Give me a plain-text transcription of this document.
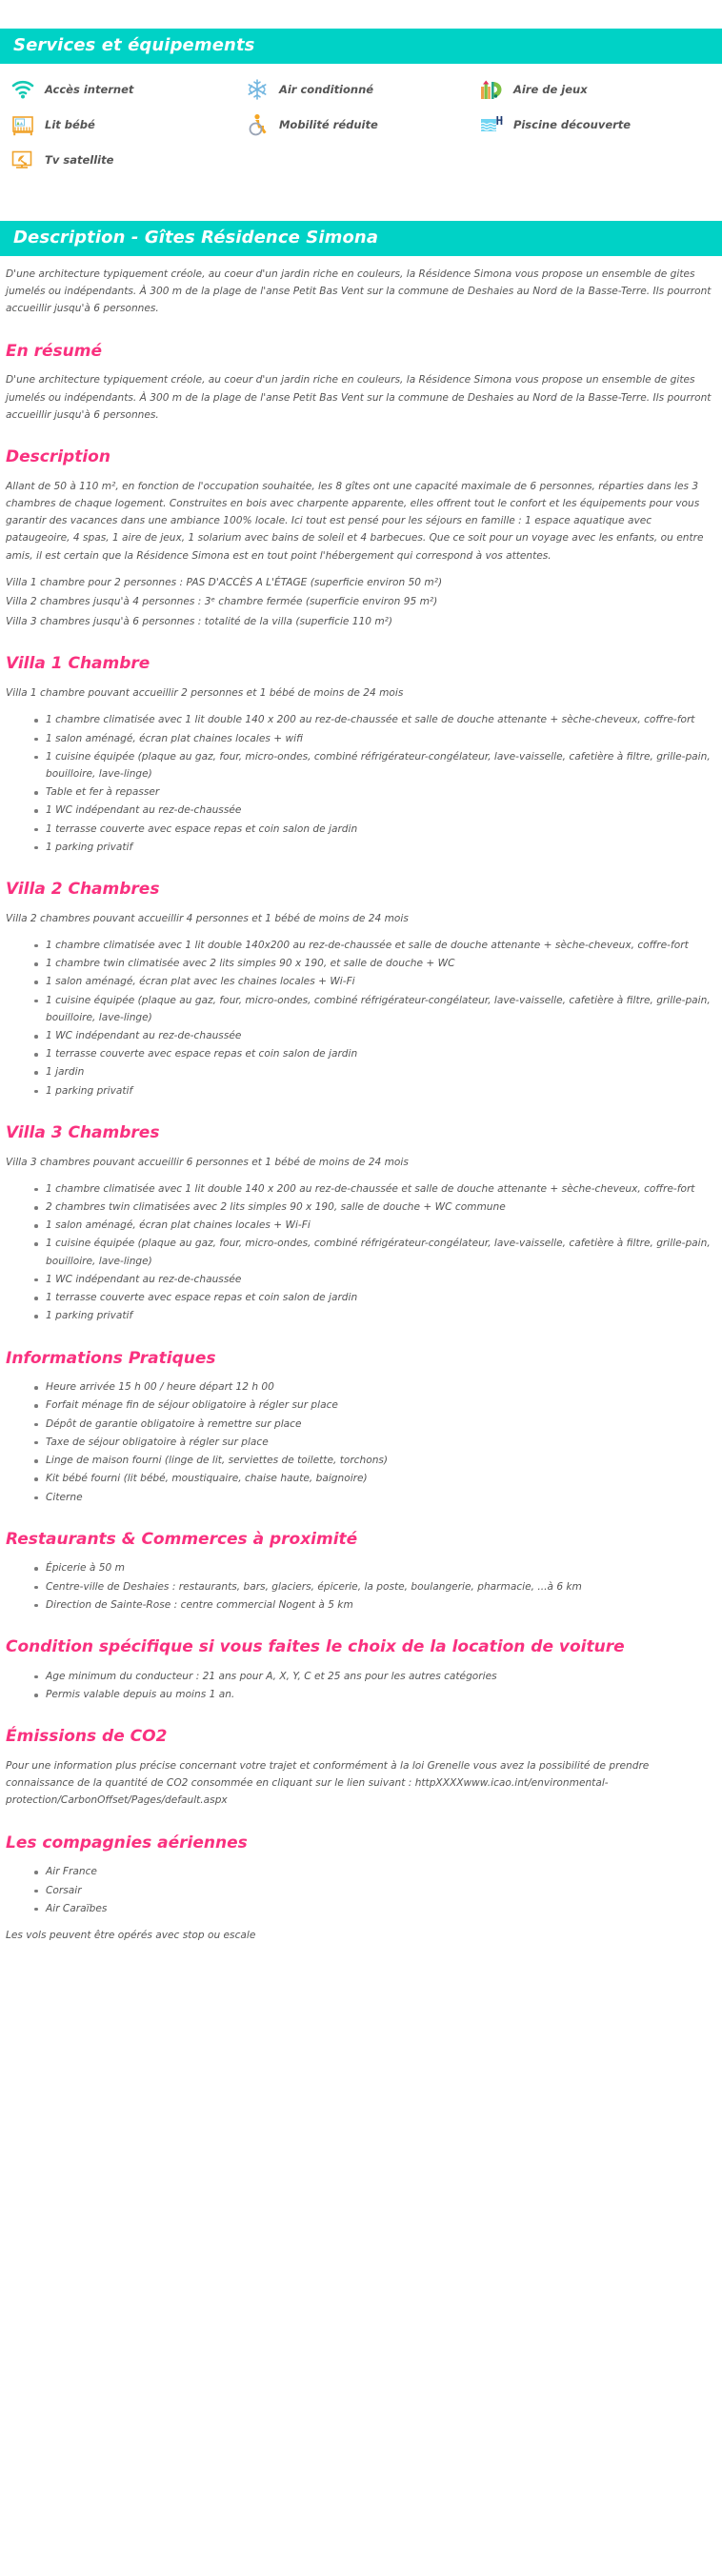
Services et équipements
Accès internet	Air conditionné	Aire de jeux
Lit bébé	Mobilité réduite	Piscine découverte
Tv satellite
Description - Gîtes Résidence Simona

D'une architecture typiquement créole, au coeur d'un jardin riche en couleurs, la Résidence Simona vous propose un ensemble de gites jumelés ou indépendants. À 300 m de la plage de l'anse Petit Bas Vent sur la commune de Deshaies au Nord de la Basse-Terre. Ils pourront accueillir jusqu'à 6 personnes.

En résumé

D'une architecture typiquement créole, au coeur d'un jardin riche en couleurs, la Résidence Simona vous propose un ensemble de gites jumelés ou indépendants. À 300 m de la plage de l'anse Petit Bas Vent sur la commune de Deshaies au Nord de la Basse-Terre. Ils pourront accueillir jusqu'à 6 personnes.

Description

Allant de 50 à 110 m², en fonction de l'occupation souhaitée, les 8 gîtes ont une capacité maximale de 6 personnes, réparties dans les 3 chambres de chaque logement. Construites en bois avec charpente apparente, elles offrent tout le confort et les équipements pour vous garantir des vacances dans une ambiance 100% locale. Ici tout est pensé pour les séjours en famille : 1 espace aquatique avec pataugeoire, 4 spas, 1 aire de jeux, 1 solarium avec bains de soleil et 4 barbecues. Que ce soit pour un voyage avec les enfants, ou entre amis, il est certain que la Résidence Simona est en tout point l'hébergement qui correspond à vos attentes.

Villa 1 chambre pour 2 personnes : PAS D'ACCÈS A L'ÉTAGE (superficie environ 50 m²)

Villa 2 chambres jusqu'à 4 personnes : 3ᵉ chambre fermée (superficie environ 95 m²)

Villa 3 chambres jusqu'à 6 personnes : totalité de la villa (superficie 110 m²)

Villa 1 Chambre

Villa 1 chambre pouvant accueillir 2 personnes et 1 bébé de moins de 24 mois

1 chambre climatisée avec 1 lit double 140 x 200 au rez-de-chaussée et salle de douche attenante + sèche-cheveux, coffre-fort
1 salon aménagé, écran plat chaines locales + wifi
1 cuisine équipée (plaque au gaz, four, micro-ondes, combiné réfrigérateur-congélateur, lave-vaisselle, cafetière à filtre, grille-pain, bouilloire, lave-linge)
Table et fer à repasser
1 WC indépendant au rez-de-chaussée
1 terrasse couverte avec espace repas et coin salon de jardin
1 parking privatif
Villa 2 Chambres

Villa 2 chambres pouvant accueillir 4 personnes et 1 bébé de moins de 24 mois

1 chambre climatisée avec 1 lit double 140x200 au rez-de-chaussée et salle de douche attenante + sèche-cheveux, coffre-fort
1 chambre twin climatisée avec 2 lits simples 90 x 190, et salle de douche + WC
1 salon aménagé, écran plat avec les chaines locales + Wi-Fi
1 cuisine équipée (plaque au gaz, four, micro-ondes, combiné réfrigérateur-congélateur, lave-vaisselle, cafetière à filtre, grille-pain, bouilloire, lave-linge)
1 WC indépendant au rez-de-chaussée
1 terrasse couverte avec espace repas et coin salon de jardin
1 jardin
1 parking privatif
Villa 3 Chambres

Villa 3 chambres pouvant accueillir 6 personnes et 1 bébé de moins de 24 mois

1 chambre climatisée avec 1 lit double 140 x 200 au rez-de-chaussée et salle de douche attenante + sèche-cheveux, coffre-fort
2 chambres twin climatisées avec 2 lits simples 90 x 190, salle de douche + WC commune
1 salon aménagé, écran plat chaines locales + Wi-Fi
1 cuisine équipée (plaque au gaz, four, micro-ondes, combiné réfrigérateur-congélateur, lave-vaisselle, cafetière à filtre, grille-pain, bouilloire, lave-linge)
1 WC indépendant au rez-de-chaussée
1 terrasse couverte avec espace repas et coin salon de jardin
1 parking privatif
Informations Pratiques
Heure arrivée 15 h 00 / heure départ 12 h 00
Forfait ménage fin de séjour obligatoire à régler sur place
Dépôt de garantie obligatoire à remettre sur place
Taxe de séjour obligatoire à régler sur place
Linge de maison fourni (linge de lit, serviettes de toilette, torchons)
Kit bébé fourni (lit bébé, moustiquaire, chaise haute, baignoire)
Citerne
Restaurants & Commerces à proximité
Épicerie à 50 m
Centre-ville de Deshaies : restaurants, bars, glaciers, épicerie, la poste, boulangerie, pharmacie, ...à 6 km
Direction de Sainte-Rose : centre commercial Nogent à 5 km
Condition spécifique si vous faites le choix de la location de voiture
Age minimum du conducteur : 21 ans pour A, X, Y, C et 25 ans pour les autres catégories
Permis valable depuis au moins 1 an.
Émissions de CO2

Pour une information plus précise concernant votre trajet et conformément à la loi Grenelle vous avez la possibilité de prendre connaissance de la quantité de CO2 consommée en cliquant sur le lien suivant : httpXXXXwww.icao.int/environmental-protection/CarbonOffset/Pages/default.aspx

Les compagnies aériennes
Air France
Corsair
Air Caraïbes

Les vols peuvent être opérés avec stop ou escale
